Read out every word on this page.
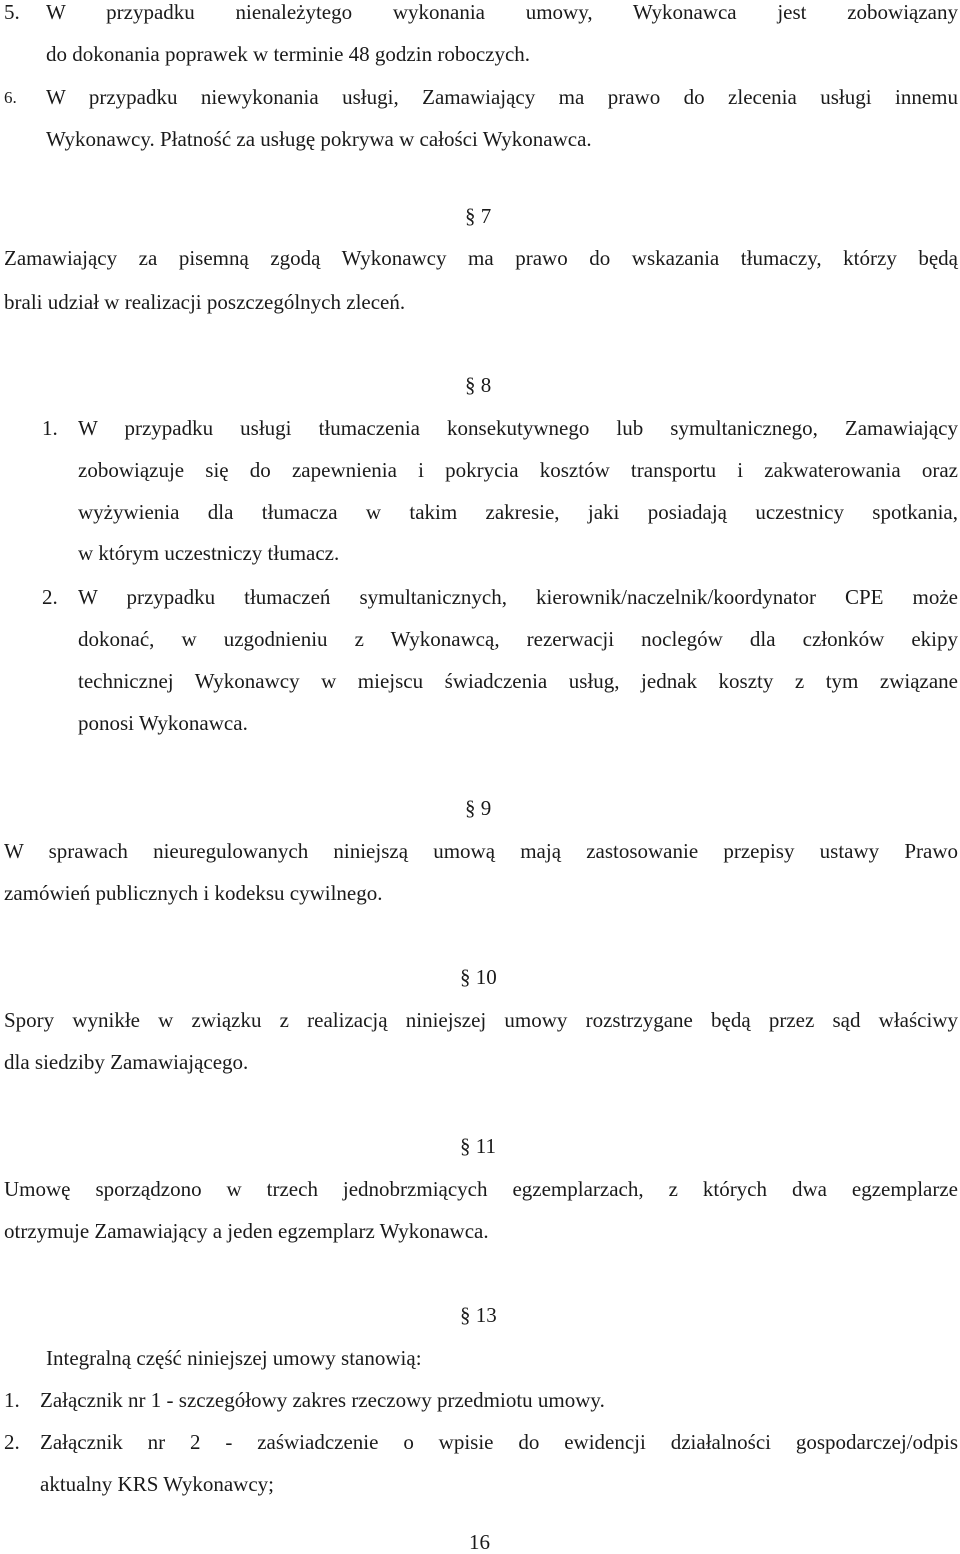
5. W przypadku nienależytego wykonania umowy, Wykonawca jest zobowiązany
do dokonania poprawek w terminie 48 godzin roboczych.
6. W przypadku niewykonania usługi, Zamawiający ma prawo do zlecenia usługi innemu
Wykonawcy. Płatność za usługę pokrywa w całości Wykonawca.
§ 7
Zamawiający za pisemną zgodą Wykonawcy ma prawo do wskazania tłumaczy, którzy będą
brali udział w realizacji poszczególnych zleceń.
§ 8
1. W przypadku usługi tłumaczenia konsekutywnego lub symultanicznego, Zamawiający
zobowiązuje się do zapewnienia i pokrycia kosztów transportu i zakwaterowania oraz
wyżywienia dla tłumacza w takim zakresie, jaki posiadają uczestnicy spotkania,
w którym uczestniczy tłumacz.
2. W przypadku tłumaczeń symultanicznych, kierownik/naczelnik/koordynator CPE może
dokonać, w uzgodnieniu z Wykonawcą, rezerwacji noclegów dla członków ekipy
technicznej Wykonawcy w miejscu świadczenia usług, jednak koszty z tym związane
ponosi Wykonawca.
§ 9
W sprawach nieuregulowanych niniejszą umową mają zastosowanie przepisy ustawy Prawo
zamówień publicznych i kodeksu cywilnego.
§ 10
Spory wynikłe w związku z realizacją niniejszej umowy rozstrzygane będą przez sąd właściwy
dla siedziby Zamawiającego.
§ 11
Umowę sporządzono w trzech jednobrzmiących egzemplarzach, z których dwa egzemplarze
otrzymuje Zamawiający a jeden egzemplarz Wykonawca.
§ 13
Integralną część niniejszej umowy stanowią:
1. Załącznik nr 1 - szczegółowy zakres rzeczowy przedmiotu umowy.
2. Załącznik nr 2 - zaświadczenie o wpisie do ewidencji działalności gospodarczej/odpis
aktualny KRS Wykonawcy;
16
